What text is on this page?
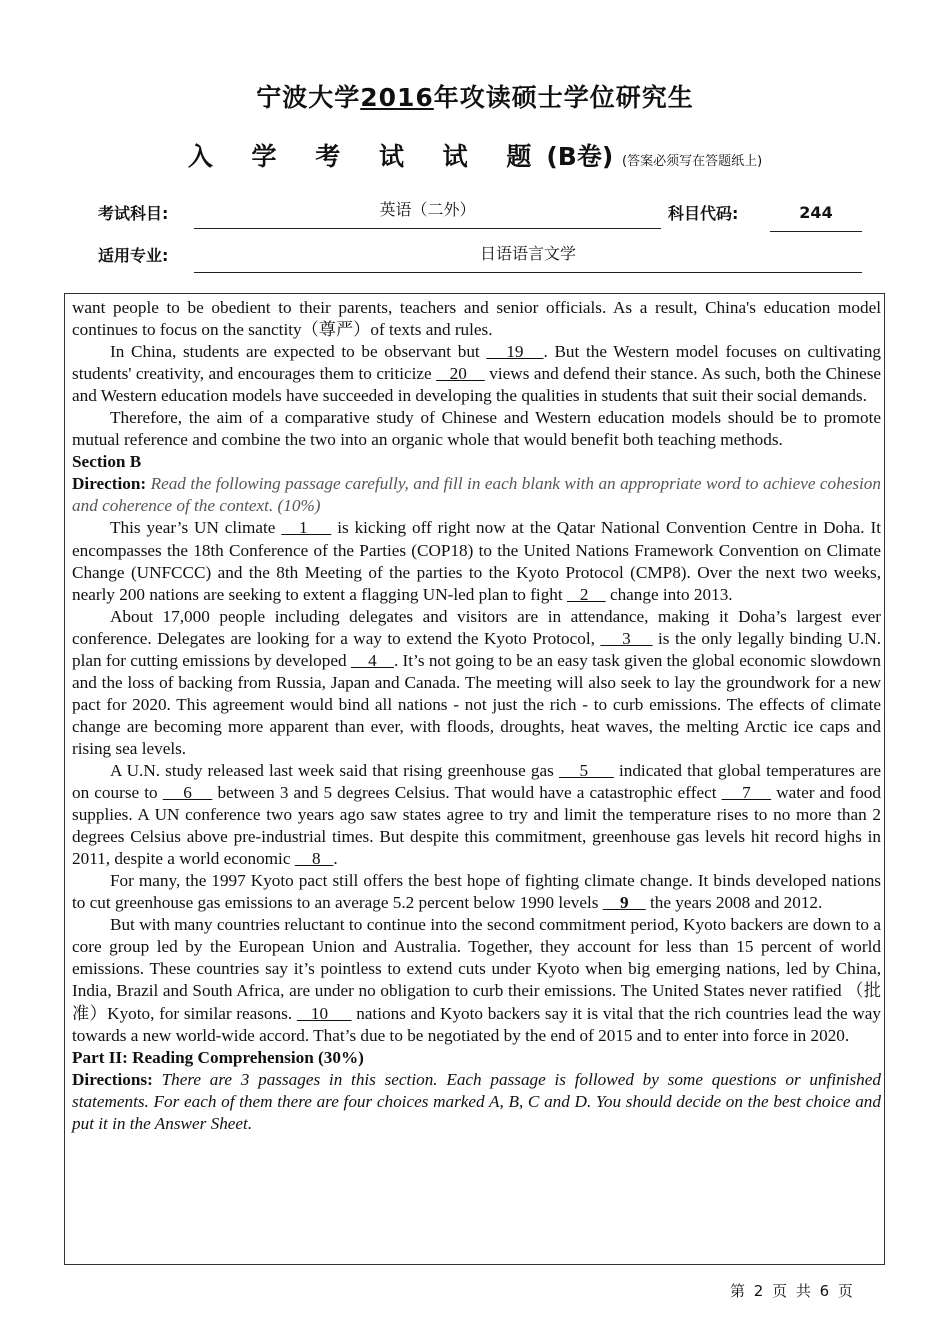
宁波大学2016年攻读硕士学位研究生
入 学 考 试 试 题(B卷) (答案必须写在答题纸上)
考试科目:	英语（二外）	科目代码:	244
适用专业:	日语语言文学

want people to be obedient to their parents, teachers and senior officials. As a result, China's education model continues to focus on the sanctity（尊严）of texts and rules.

In China, students are expected to be observant but    19   . But the Western model focuses on cultivating students' creativity, and encourages them to criticize    20     views and defend their stance. As such, both the Chinese and Western education models have succeeded in developing the qualities in students that suit their social demands.

Therefore, the aim of a comparative study of Chinese and Western education models should be to promote mutual reference and combine the two into an organic whole that would benefit both teaching methods.

Section B

Direction: Read the following passage carefully, and fill in each blank with an appropriate word to achieve cohesion and coherence of the context. (10%)

This year’s UN climate    1     is kicking off right now at the Qatar National Convention Centre in Doha. It encompasses the 18th Conference of the Parties (COP18) to the United Nations Framework Convention on Climate Change (UNFCCC) and the 8th Meeting of the parties to the Kyoto Protocol (CMP8). Over the next two weeks, nearly 200 nations are seeking to extent a flagging UN-led plan to fight    2     change into 2013.

About 17,000 people including delegates and visitors are in attendance, making it Doha’s largest ever conference. Delegates are looking for a way to extend the Kyoto Protocol,     3     is the only legally binding U.N. plan for cutting emissions by developed     4    . It’s not going to be an easy task given the global economic slowdown and the loss of backing from Russia, Japan and Canada. The meeting will also seek to lay the groundwork for a new pact for 2020. This agreement would bind all nations - not just the rich - to curb emissions. The effects of climate change are becoming more apparent than ever, with floods, droughts, heat waves, the melting Arctic ice caps and rising sea levels.

A U.N. study released last week said that rising greenhouse gas     5      indicated that global temperatures are on course to     6     between 3 and 5 degrees Celsius. That would have a catastrophic effect     7     water and food supplies. A UN conference two years ago saw states agree to try and limit the temperature rises to no more than 2 degrees Celsius above pre-industrial times. But despite this commitment, greenhouse gas levels hit record highs in 2011, despite a world economic     8   .

For many, the 1997 Kyoto pact still offers the best hope of fighting climate change. It binds developed nations to cut greenhouse gas emissions to an average 5.2 percent below 1990 levels     9     the years 2008 and 2012.

But with many countries reluctant to continue into the second commitment period, Kyoto backers are down to a core group led by the European Union and Australia. Together, they account for less than 15 percent of world emissions. These countries say it’s pointless to extend cuts under Kyoto when big emerging nations, led by China, India, Brazil and South Africa, are under no obligation to curb their emissions. The United States never ratified （批准）Kyoto, for similar reasons.    10      nations and Kyoto backers say it is vital that the rich countries lead the way towards a new world-wide accord. That’s due to be negotiated by the end of 2015 and to enter into force in 2020.

Part II: Reading Comprehension (30%)

Directions: There are 3 passages in this section. Each passage is followed by some questions or unfinished statements. For each of them there are four choices marked A, B, C and D. You should decide on the best choice and put it in the Answer Sheet.

第 2 页 共 6 页
